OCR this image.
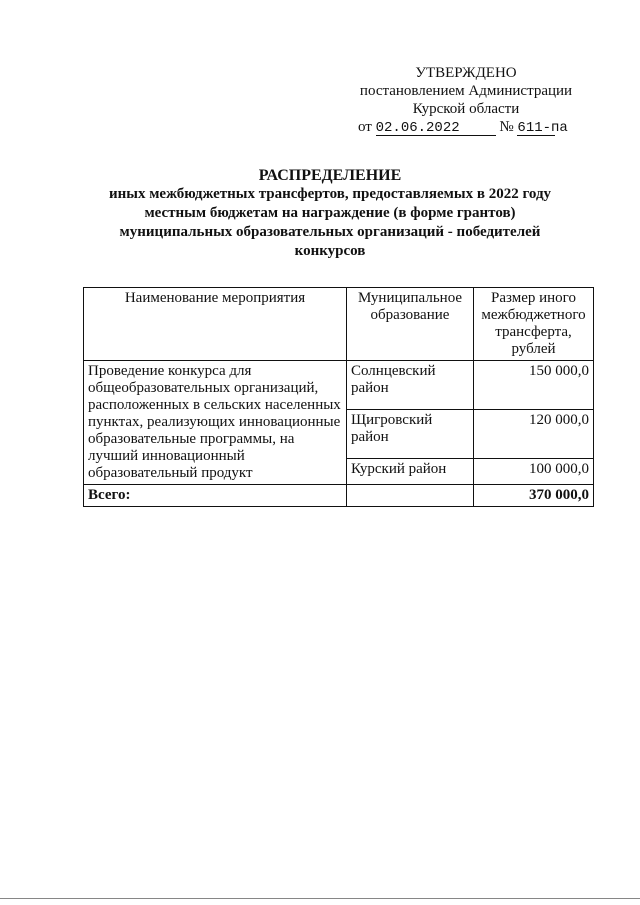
УТВЕРЖДЕНО
постановлением Администрации
Курской области
от 02.06.2022	№ 611-па
РАСПРЕДЕЛЕНИЕ
иных межбюджетных трансфертов, предоставляемых в 2022 году
местным бюджетам на награждение (в форме грантов)
муниципальных образовательных организаций - победителей
конкурсов
Наименование мероприятия	Муниципальное образование	Размер иного межбюджетного трансферта, рублей
Проведение конкурса для общеобразовательных организаций, расположенных в сельских населенных пунктах, реализующих инновационные образовательные программы, на лучший инновационный образовательный продукт	Солнцевский район	150 000,0
	Щигровский район	120 000,0
	Курский район	100 000,0
Всего:		370 000,0
